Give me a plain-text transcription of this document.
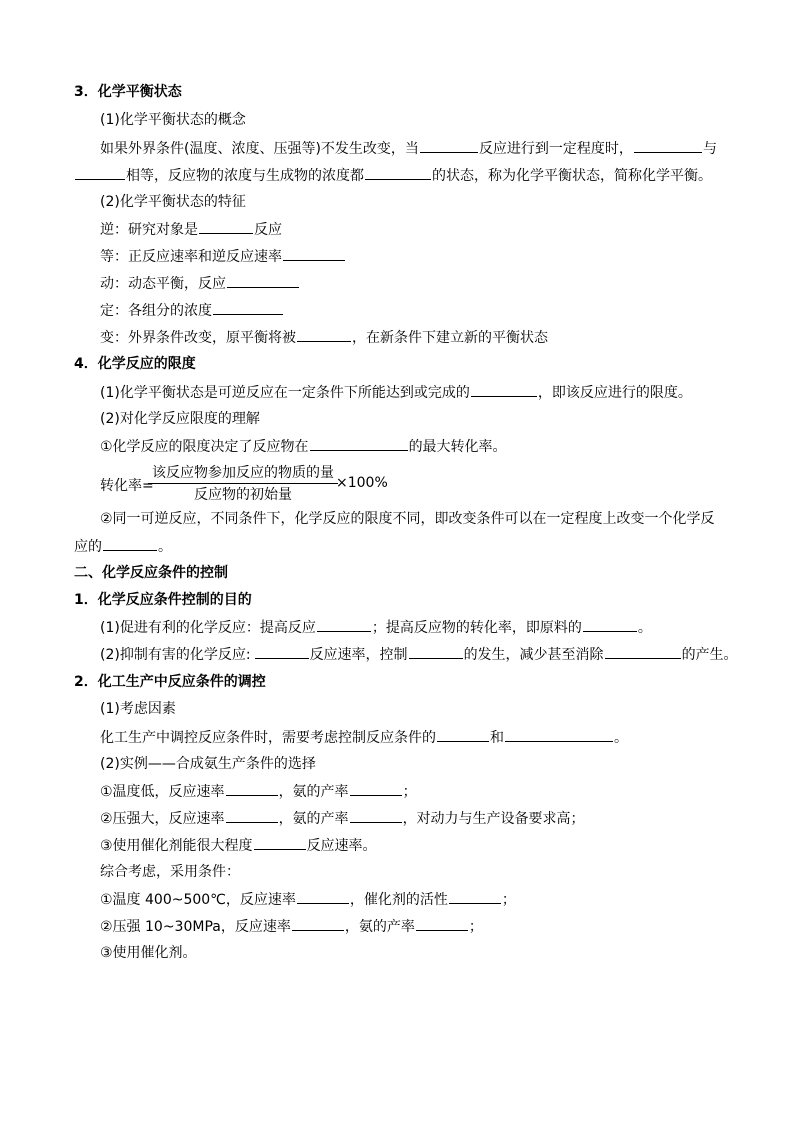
3．化学平衡状态
(1)化学平衡状态的概念
如果外界条件(温度、浓度、压强等)不发生改变，当	反应进行到一定程度时，	与
相等，反应物的浓度与生成物的浓度都	的状态，称为化学平衡状态，简称化学平衡。
(2)化学平衡状态的特征
逆：研究对象是	反应
等：正反应速率和逆反应速率
动：动态平衡，反应
定：各组分的浓度
变：外界条件改变，原平衡将被	，在新条件下建立新的平衡状态
4．化学反应的限度
(1)化学平衡状态是可逆反应在一定条件下所能达到或完成的	，即该反应进行的限度。
(2)对化学反应限度的理解
①化学反应的限度决定了反应物在	的最大转化率。
转化率=
该反应物参加反应的物质的量
反应物的初始量
×100%
②同一可逆反应，不同条件下，化学反应的限度不同，即改变条件可以在一定程度上改变一个化学反
应的	。
二、化学反应条件的控制
1．化学反应条件控制的目的
(1)促进有利的化学反应：提高反应	；提高反应物的转化率，即原料的	。
(2)抑制有害的化学反应:	反应速率，控制	的发生，减少甚至消除	的产生。
2．化工生产中反应条件的调控
(1)考虑因素
化工生产中调控反应条件时，需要考虑控制反应条件的	和	。
(2)实例——合成氨生产条件的选择
①温度低，反应速率	，氨的产率	；
②压强大，反应速率	，氨的产率	，对动力与生产设备要求高；
③使用催化剂能很大程度	反应速率。
综合考虑，采用条件：
①温度 400~500℃，反应速率	，催化剂的活性	；
②压强 10~30MPa，反应速率	，氨的产率	；
③使用催化剂。
